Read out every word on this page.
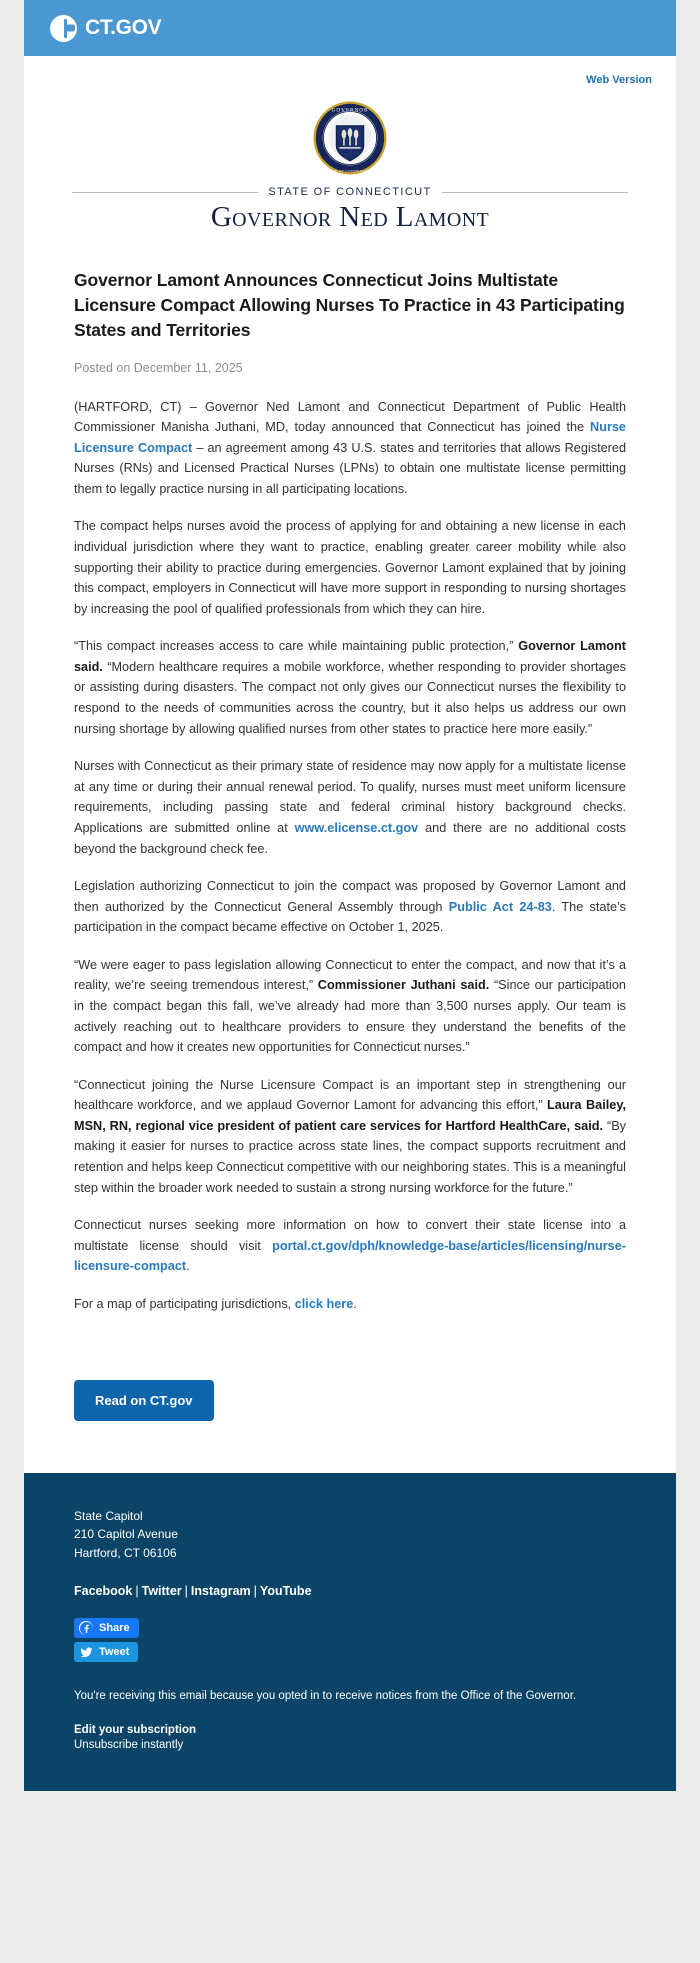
CT.GOV
Web Version
GOVERNOR
STATE OF CONNECTICUT
STATE OF CONNECTICUT
Governor Ned Lamont
Governor Lamont Announces Connecticut Joins Multistate Licensure Compact Allowing Nurses To Practice in 43 Participating States and Territories
Posted on December 11, 2025

(HARTFORD, CT) – Governor Ned Lamont and Connecticut Department of Public Health Commissioner Manisha Juthani, MD, today announced that Connecticut has joined the Nurse Licensure Compact – an agreement among 43 U.S. states and territories that allows Registered Nurses (RNs) and Licensed Practical Nurses (LPNs) to obtain one multistate license permitting them to legally practice nursing in all participating locations.

The compact helps nurses avoid the process of applying for and obtaining a new license in each individual jurisdiction where they want to practice, enabling greater career mobility while also supporting their ability to practice during emergencies. Governor Lamont explained that by joining this compact, employers in Connecticut will have more support in responding to nursing shortages by increasing the pool of qualified professionals from which they can hire.

“This compact increases access to care while maintaining public protection,” Governor Lamont said. “Modern healthcare requires a mobile workforce, whether responding to provider shortages or assisting during disasters. The compact not only gives our Connecticut nurses the flexibility to respond to the needs of communities across the country, but it also helps us address our own nursing shortage by allowing qualified nurses from other states to practice here more easily.”

Nurses with Connecticut as their primary state of residence may now apply for a multistate license at any time or during their annual renewal period. To qualify, nurses must meet uniform licensure requirements, including passing state and federal criminal history background checks. Applications are submitted online at www.elicense.ct.gov and there are no additional costs beyond the background check fee.

Legislation authorizing Connecticut to join the compact was proposed by Governor Lamont and then authorized by the Connecticut General Assembly through Public Act 24-83. The state’s participation in the compact became effective on October 1, 2025.

“We were eager to pass legislation allowing Connecticut to enter the compact, and now that it’s a reality, we’re seeing tremendous interest,” Commissioner Juthani said. “Since our participation in the compact began this fall, we’ve already had more than 3,500 nurses apply. Our team is actively reaching out to healthcare providers to ensure they understand the benefits of the compact and how it creates new opportunities for Connecticut nurses.”

“Connecticut joining the Nurse Licensure Compact is an important step in strengthening our healthcare workforce, and we applaud Governor Lamont for advancing this effort,” Laura Bailey, MSN, RN, regional vice president of patient care services for Hartford HealthCare, said. “By making it easier for nurses to practice across state lines, the compact supports recruitment and retention and helps keep Connecticut competitive with our neighboring states. This is a meaningful step within the broader work needed to sustain a strong nursing workforce for the future.”

Connecticut nurses seeking more information on how to convert their state license into a multistate license should visit portal.ct.gov/dph/knowledge-base/articles/licensing/nurse-licensure-compact.

For a map of participating jurisdictions, click here.

Read on CT.gov
State Capitol
210 Capitol Avenue
Hartford, CT 06106
Facebook | Twitter | Instagram | YouTube
Share

Tweet
You're receiving this email because you opted in to receive notices from the Office of the Governor.
Edit your subscription
Unsubscribe instantly
